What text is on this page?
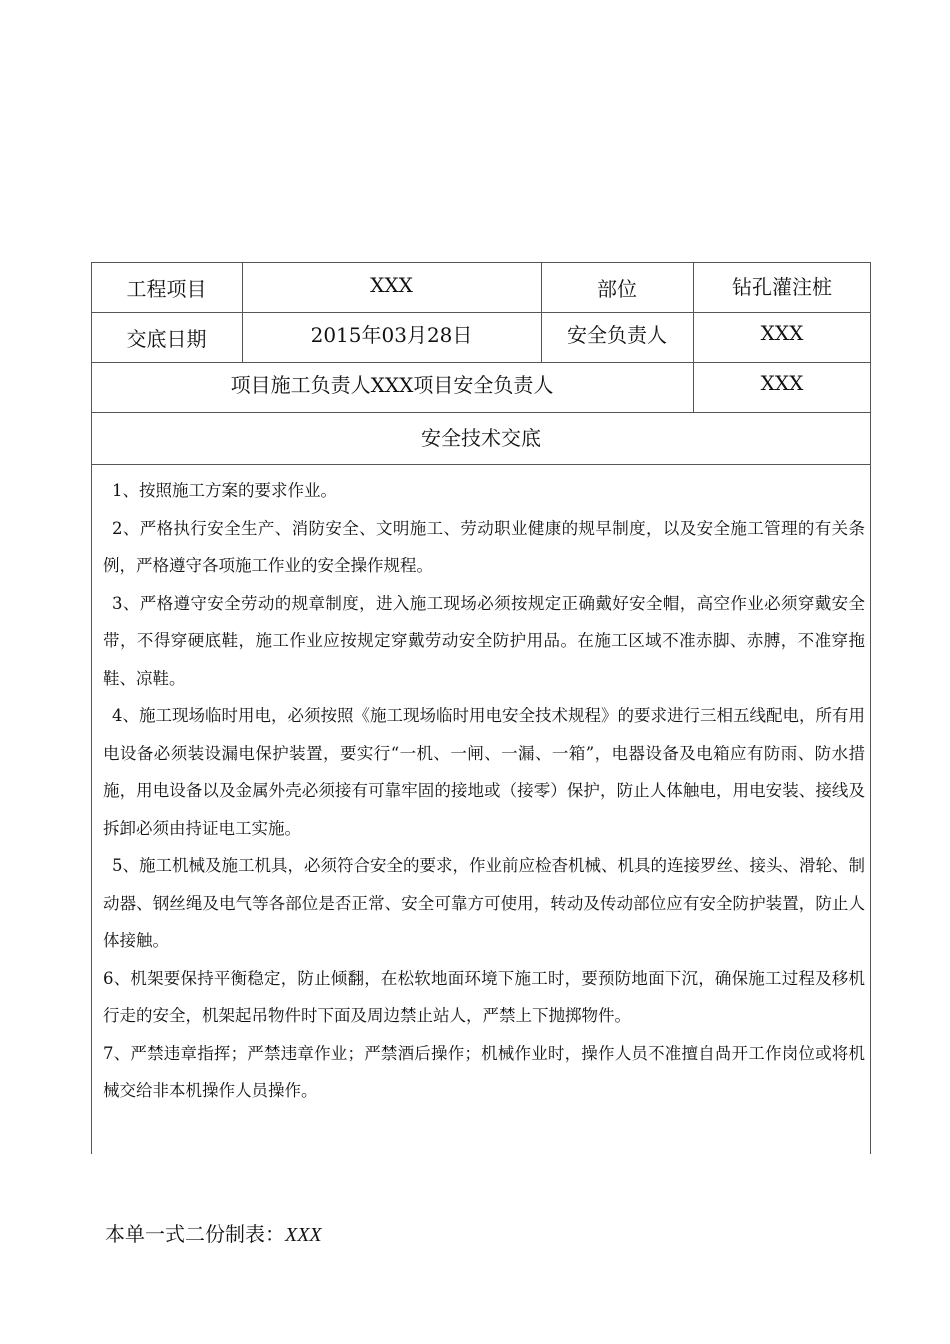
工程项目	XXX	部位	钻孔灌注桩
交底日期	2015年03月28日	安全负责人	XXX
项目施工负责人XXX项目安全负责人	XXX
安全技术交底

1、按照施工方案的要求作业。

2、严格执行安全生产、消防安全、文明施工、劳动职业健康的规早制度，以及安全施工管理的有关条例，严格遵守各项施工作业的安全操作规程。

3、严格遵守安全劳动的规章制度，进入施工现场必须按规定正确戴好安全帽，高空作业必须穿戴安全带，不得穿硬底鞋，施工作业应按规定穿戴劳动安全防护用品。在施工区域不准赤脚、赤膊，不准穿拖鞋、凉鞋。

4、施工现场临时用电，必须按照《施工现场临时用电安全技术规程》的要求进行三相五线配电，所有用电设备必须装设漏电保护装置，要实行“一机、一闸、一漏、一箱”，电器设备及电箱应有防雨、防水措施，用电设备以及金属外壳必须接有可靠牢固的接地或（接零）保护，防止人体触电，用电安装、接线及拆卸必须由持证电工实施。

5、施工机械及施工机具，必须符合安全的要求，作业前应检杳机械、机具的连接罗丝、接头、滑轮、制动器、钢丝绳及电气等各部位是否正常、安全可靠方可使用，转动及传动部位应有安全防护装置，防止人体接触。

6、机架要保持平衡稳定，防止倾翻，在松软地面环境下施工时，要预防地面下沉，确保施工过程及移机行走的安全，机架起吊物件时下面及周边禁止站人，严禁上下抛掷物件。

7、严禁违章指挥；严禁违章作业；严禁酒后操作；机械作业时，操作人员不准擅自咼开工作岗位或将机械交给非本机操作人员操作。

本单一式二份制表：XXX
